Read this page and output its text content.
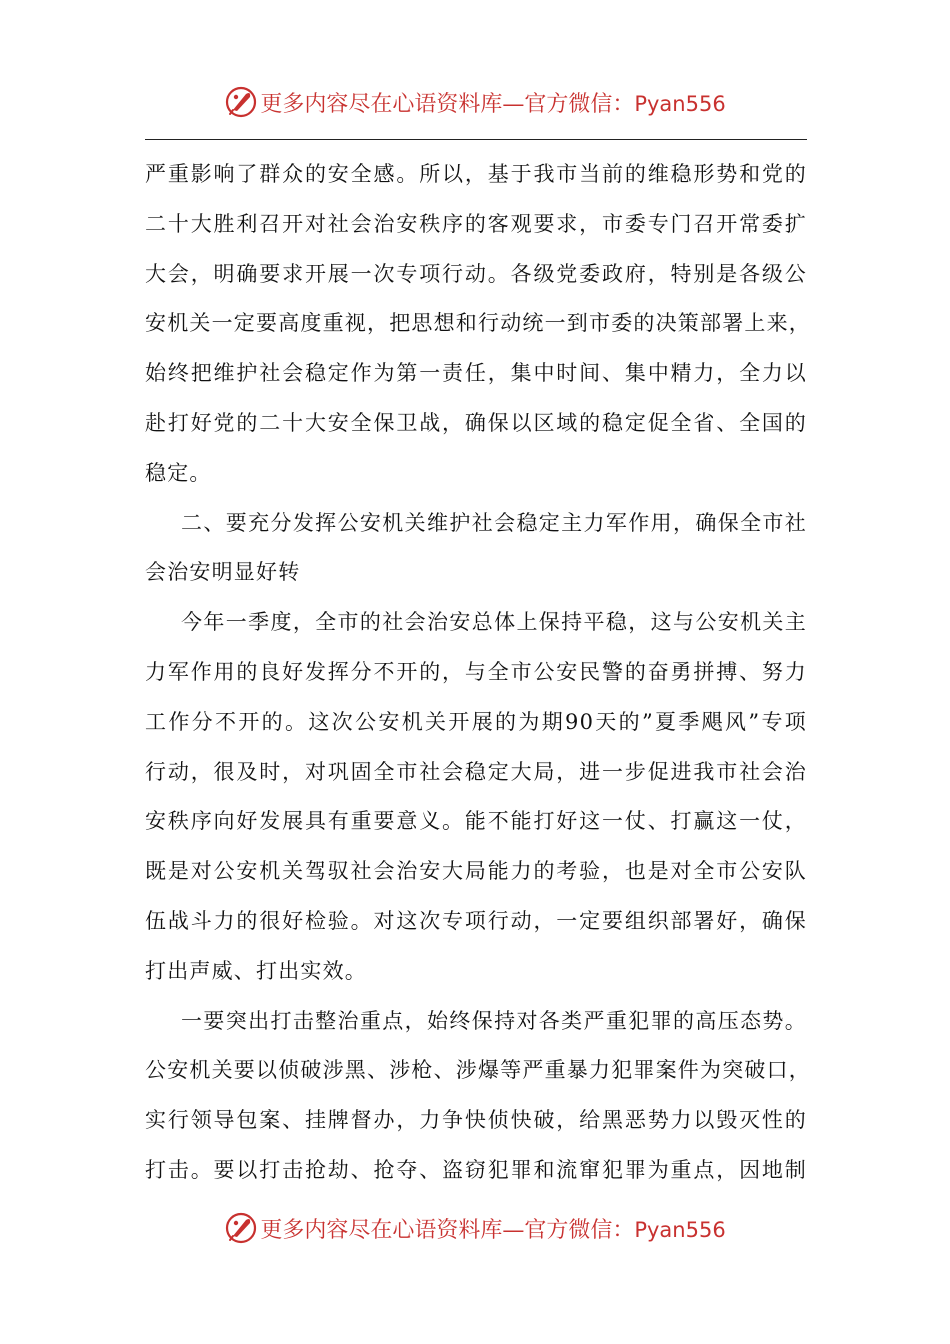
更多内容尽在心语资料库—官方微信：Pyan556
严重影响了群众的安全感。所以，基于我市当前的维稳形势和党的
二十大胜利召开对社会治安秩序的客观要求，市委专门召开常委扩
大会，明确要求开展一次专项行动。各级党委政府，特别是各级公
安机关一定要高度重视，把思想和行动统一到市委的决策部署上来，
始终把维护社会稳定作为第一责任，集中时间、集中精力，全力以
赴打好党的二十大安全保卫战，确保以区域的稳定促全省、全国的
稳定。
二、要充分发挥公安机关维护社会稳定主力军作用，确保全市社
会治安明显好转
今年一季度，全市的社会治安总体上保持平稳，这与公安机关主
力军作用的良好发挥分不开的，与全市公安民警的奋勇拼搏、努力
工作分不开的。这次公安机关开展的为期90天的”夏季飓风”专项
行动，很及时，对巩固全市社会稳定大局，进一步促进我市社会治
安秩序向好发展具有重要意义。能不能打好这一仗、打赢这一仗，
既是对公安机关驾驭社会治安大局能力的考验，也是对全市公安队
伍战斗力的很好检验。对这次专项行动，一定要组织部署好，确保
打出声威、打出实效。
一要突出打击整治重点，始终保持对各类严重犯罪的高压态势。
公安机关要以侦破涉黑、涉枪、涉爆等严重暴力犯罪案件为突破口，
实行领导包案、挂牌督办，力争快侦快破，给黑恶势力以毁灭性的
打击。要以打击抢劫、抢夺、盗窃犯罪和流窜犯罪为重点，因地制
更多内容尽在心语资料库—官方微信：Pyan556
